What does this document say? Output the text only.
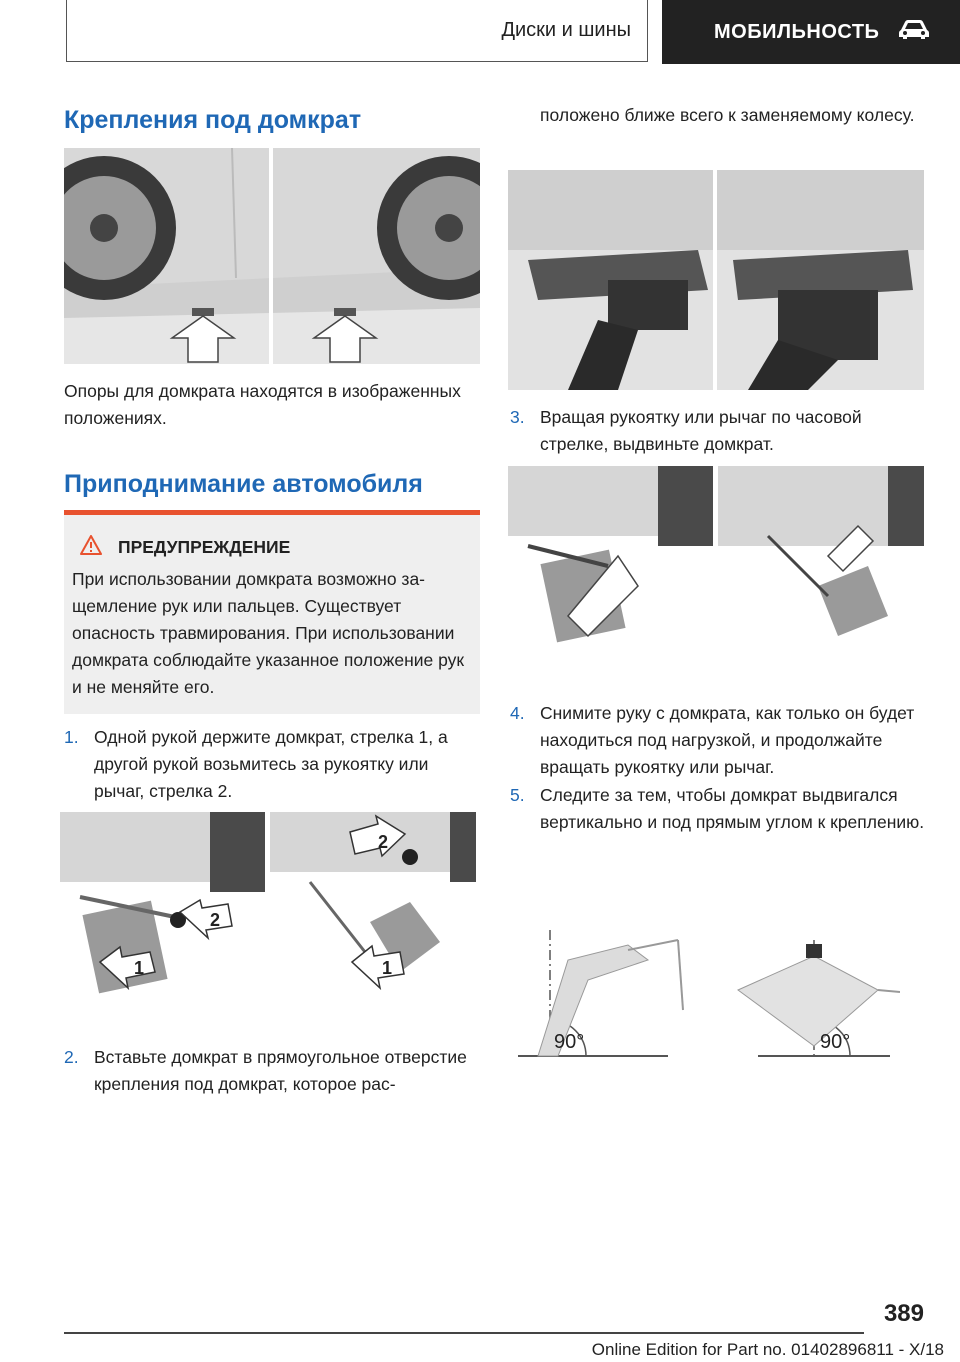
Диски и шины	МОБИЛЬНОСТЬ
Крепления под домкрат

Опоры для домкрата находятся в изображенных положениях.

Приподнимание автомобиля
ПРЕДУПРЕЖДЕНИЕ

При использовании домкрата возможно защемление рук или пальцев. Существует опасность травмирования. При использовании домкрата соблюдайте указанное положение рук и не меняйте его.

1. Одной рукой держите домкрат, стрелка 1, а другой рукой возьмитесь за рукоятку или рычаг, стрелка 2.

1
2
2
1
2. Вставьте домкрат в прямоугольное отверстие крепления под домкрат, которое рас-

положено ближе всего к заменяемому колесу.

3. Вращая рукоятку или рычаг по часовой стрелке, выдвиньте домкрат.

4. Снимите руку с домкрата, как только он будет находиться под нагрузкой, и продолжайте вращать рукоятку или рычаг.

5. Следите за тем, чтобы домкрат выдвигался вертикально и под прямым углом к креплению.

90°	90°
389
Online Edition for Part no. 01402896811 - X/18
